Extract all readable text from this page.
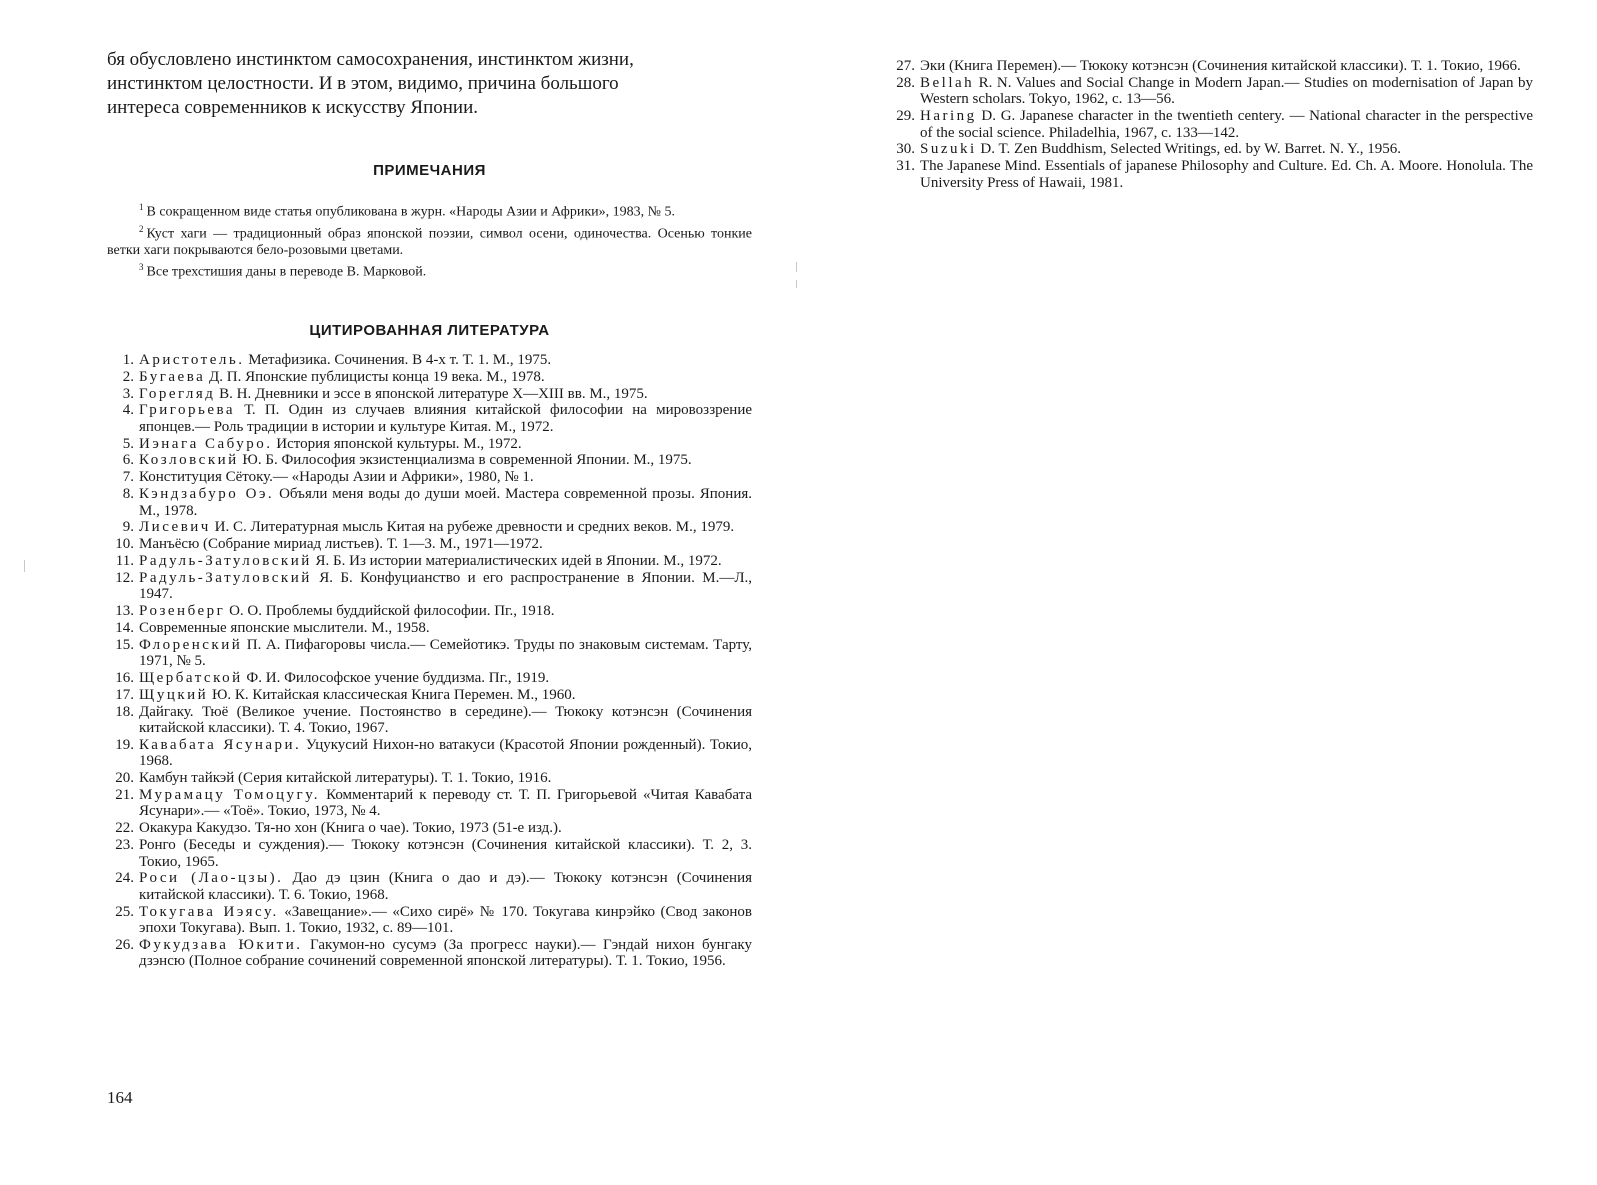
бя обусловлено инстинктом самосохранения, инстинктом жизни,
инстинктом целостности. И в этом, видимо, причина большого
интереса современников к искусству Японии.
ПРИМЕЧАНИЯ
$^1$ В сокращенном виде статья опубликована в журн. «Народы Азии и Африки», 1983, № 5.
$^2$ Куст хаги — традиционный образ японской поэзии, символ осени, одиночества. Осенью тонкие ветки хаги покрываются бело-розовыми цветами.
$^3$ Все трехстишия даны в переводе В. Марковой.
ЦИТИРОВАННАЯ ЛИТЕРАТУРА
1. Аристотель. Метафизика. Сочинения. В 4-х т. Т. 1. М., 1975.
2. Бугаева Д. П. Японские публицисты конца 19 века. М., 1978.
3. Горегляд В. Н. Дневники и эссе в японской литературе X—XIII вв. М., 1975.
4. Григорьева Т. П. Один из случаев влияния китайской философии на мировоззрение японцев.— Роль традиции в истории и культуре Китая. М., 1972.
5. Иэнага Сабуро. История японской культуры. М., 1972.
6. Козловский Ю. Б. Философия экзистенциализма в современной Японии. М., 1975.
7. Конституция Сётоку.— «Народы Азии и Африки», 1980, № 1.
8. Кэндзабуро Оэ. Объяли меня воды до души моей. Мастера современной прозы. Япония. М., 1978.
9. Лисевич И. С. Литературная мысль Китая на рубеже древности и средних веков. М., 1979.
10. Манъёсю (Собрание мириад листьев). Т. 1—3. М., 1971—1972.
11. Радуль-Затуловский Я. Б. Из истории материалистических идей в Японии. М., 1972.
12. Радуль-Затуловский Я. Б. Конфуцианство и его распространение в Японии. М.—Л., 1947.
13. Розенберг О. О. Проблемы буддийской философии. Пг., 1918.
14. Современные японские мыслители. М., 1958.
15. Флоренский П. А. Пифагоровы числа.— Семейотикэ. Труды по знаковым системам. Тарту, 1971, № 5.
16. Щербатской Ф. И. Философское учение буддизма. Пг., 1919.
17. Щуцкий Ю. К. Китайская классическая Книга Перемен. М., 1960.
18. Дайгаку. Тюё (Великое учение. Постоянство в середине).— Тюкоку котэнсэн (Сочинения китайской классики). Т. 4. Токио, 1967.
19. Кавабата Ясунари. Уцукусий Нихон-но ватакуси (Красотой Японии рожденный). Токио, 1968.
20. Камбун тайкэй (Серия китайской литературы). Т. 1. Токио, 1916.
21. Мурамацу Томоцугу. Комментарий к переводу ст. Т. П. Григорьевой «Читая Кавабата Ясунари».— «Тоё». Токио, 1973, № 4.
22. Окакура Какудзо. Тя-но хон (Книга о чае). Токио, 1973 (51-е изд.).
23. Ронго (Беседы и суждения).— Тюкоку котэнсэн (Сочинения китайской классики). Т. 2, 3. Токио, 1965.
24. Роси (Лао-цзы). Дао дэ цзин (Книга о дао и дэ).— Тюкоку котэнсэн (Сочинения китайской классики). Т. 6. Токио, 1968.
25. Токугава Иэясу. «Завещание».— «Сихо сирё» № 170. Токугава кинрэйко (Свод законов эпохи Токугава). Вып. 1. Токио, 1932, с. 89—101.
26. Фукудзава Юкити. Гакумон-но сусумэ (За прогресс науки).— Гэндай нихон бунгаку дзэнсю (Полное собрание сочинений современной японской литературы). Т. 1. Токио, 1956.
164
27. Эки (Книга Перемен).— Тюкоку котэнсэн (Сочинения китайской классики). Т. 1. Токио, 1966.
28. Bellah R. N. Values and Social Change in Modern Japan.— Studies on modernisation of Japan by Western scholars. Tokyo, 1962, с. 13—56.
29. Haring D. G. Japanese character in the twentieth centery. — National character in the perspective of the social science. Philadelhia, 1967, с. 133—142.
30. Suzuki D. T. Zen Buddhism, Selected Writings, ed. by W. Barret. N. Y., 1956.
31. The Japanese Mind. Essentials of japanese Philosophy and Culture. Ed. Ch. A. Moore. Honolula. The University Press of Hawaii, 1981.
